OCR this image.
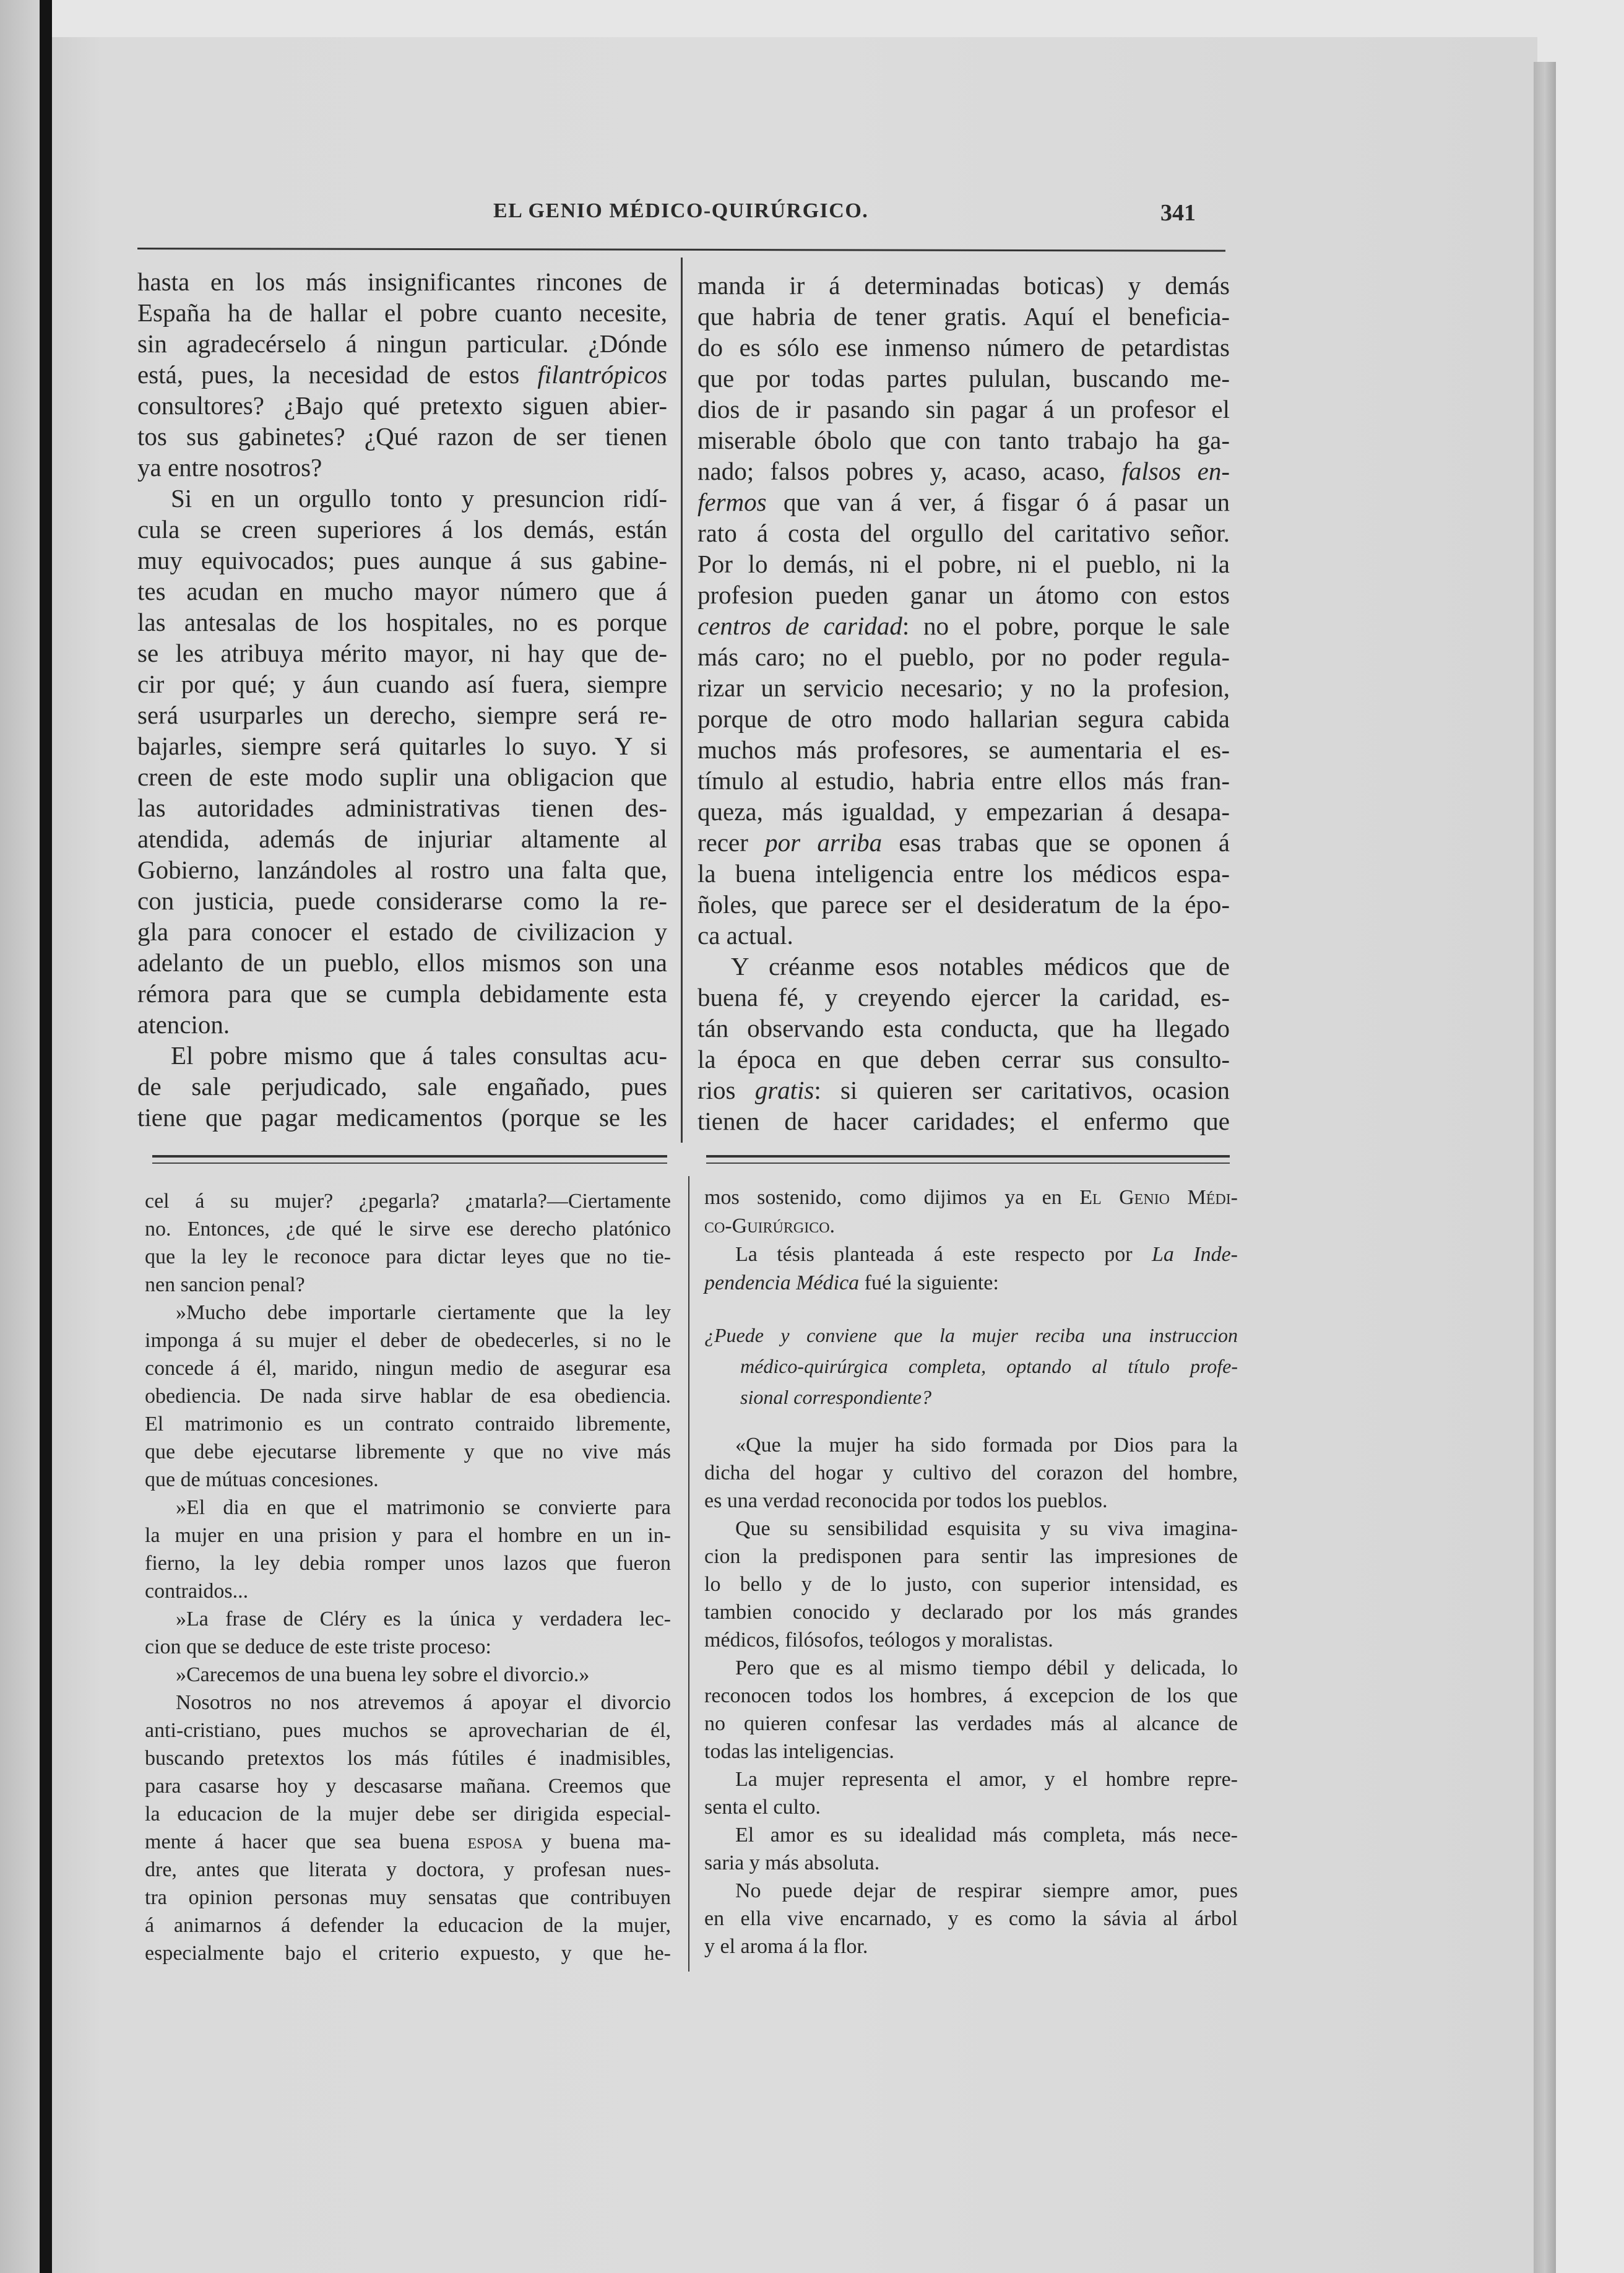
EL GENIO MÉDICO-QUIRÚRGICO.	341
hasta en los más insignificantes rincones de
España ha de hallar el pobre cuanto necesite,
sin agradecérselo á ningun particular. ¿Dónde
está, pues, la necesidad de estos filantrópicos
consultores? ¿Bajo qué pretexto siguen abier-
tos sus gabinetes? ¿Qué razon de ser tienen
ya entre nosotros?
Si en un orgullo tonto y presuncion ridí-
cula se creen superiores á los demás, están
muy equivocados; pues aunque á sus gabine-
tes acudan en mucho mayor número que á
las antesalas de los hospitales, no es porque
se les atribuya mérito mayor, ni hay que de-
cir por qué; y áun cuando así fuera, siempre
será usurparles un derecho, siempre será re-
bajarles, siempre será quitarles lo suyo. Y si
creen de este modo suplir una obligacion que
las autoridades administrativas tienen des-
atendida, además de injuriar altamente al
Gobierno, lanzándoles al rostro una falta que,
con justicia, puede considerarse como la re-
gla para conocer el estado de civilizacion y
adelanto de un pueblo, ellos mismos son una
rémora para que se cumpla debidamente esta
atencion.
El pobre mismo que á tales consultas acu-
de sale perjudicado, sale engañado, pues
tiene que pagar medicamentos (porque se les
manda ir á determinadas boticas) y demás
que habria de tener gratis. Aquí el beneficia-
do es sólo ese inmenso número de petardistas
que por todas partes pululan, buscando me-
dios de ir pasando sin pagar á un profesor el
miserable óbolo que con tanto trabajo ha ga-
nado; falsos pobres y, acaso, acaso, falsos en-
fermos que van á ver, á fisgar ó á pasar un
rato á costa del orgullo del caritativo señor.
Por lo demás, ni el pobre, ni el pueblo, ni la
profesion pueden ganar un átomo con estos
centros de caridad: no el pobre, porque le sale
más caro; no el pueblo, por no poder regula-
rizar un servicio necesario; y no la profesion,
porque de otro modo hallarian segura cabida
muchos más profesores, se aumentaria el es-
tímulo al estudio, habria entre ellos más fran-
queza, más igualdad, y empezarian á desapa-
recer por arriba esas trabas que se oponen á
la buena inteligencia entre los médicos espa-
ñoles, que parece ser el desideratum de la épo-
ca actual.
Y créanme esos notables médicos que de
buena fé, y creyendo ejercer la caridad, es-
tán observando esta conducta, que ha llegado
la época en que deben cerrar sus consulto-
rios gratis: si quieren ser caritativos, ocasion
tienen de hacer caridades; el enfermo que
cel á su mujer? ¿pegarla? ¿matarla?—Ciertamente
no. Entonces, ¿de qué le sirve ese derecho platónico
que la ley le reconoce para dictar leyes que no tie-
nen sancion penal?
»Mucho debe importarle ciertamente que la ley
imponga á su mujer el deber de obedecerles, si no le
concede á él, marido, ningun medio de asegurar esa
obediencia. De nada sirve hablar de esa obediencia.
El matrimonio es un contrato contraido libremente,
que debe ejecutarse libremente y que no vive más
que de mútuas concesiones.
»El dia en que el matrimonio se convierte para
la mujer en una prision y para el hombre en un in-
fierno, la ley debia romper unos lazos que fueron
contraidos...
»La frase de Cléry es la única y verdadera lec-
cion que se deduce de este triste proceso:
»Carecemos de una buena ley sobre el divorcio.»
Nosotros no nos atrevemos á apoyar el divorcio
anti-cristiano, pues muchos se aprovecharian de él,
buscando pretextos los más fútiles é inadmisibles,
para casarse hoy y descasarse mañana. Creemos que
la educacion de la mujer debe ser dirigida especial-
mente á hacer que sea buena esposa y buena ma-
dre, antes que literata y doctora, y profesan nues-
tra opinion personas muy sensatas que contribuyen
á animarnos á defender la educacion de la mujer,
especialmente bajo el criterio expuesto, y que he-
mos sostenido, como dijimos ya en El Genio Médi-
co-Guirúrgico.
La tésis planteada á este respecto por La Inde-
pendencia Médica fué la siguiente:
¿Puede y conviene que la mujer reciba una instruccion
médico-quirúrgica completa, optando al título profe-
sional correspondiente?
«Que la mujer ha sido formada por Dios para la
dicha del hogar y cultivo del corazon del hombre,
es una verdad reconocida por todos los pueblos.
Que su sensibilidad esquisita y su viva imagina-
cion la predisponen para sentir las impresiones de
lo bello y de lo justo, con superior intensidad, es
tambien conocido y declarado por los más grandes
médicos, filósofos, teólogos y moralistas.
Pero que es al mismo tiempo débil y delicada, lo
reconocen todos los hombres, á excepcion de los que
no quieren confesar las verdades más al alcance de
todas las inteligencias.
La mujer representa el amor, y el hombre repre-
senta el culto.
El amor es su idealidad más completa, más nece-
saria y más absoluta.
No puede dejar de respirar siempre amor, pues
en ella vive encarnado, y es como la sávia al árbol
y el aroma á la flor.
